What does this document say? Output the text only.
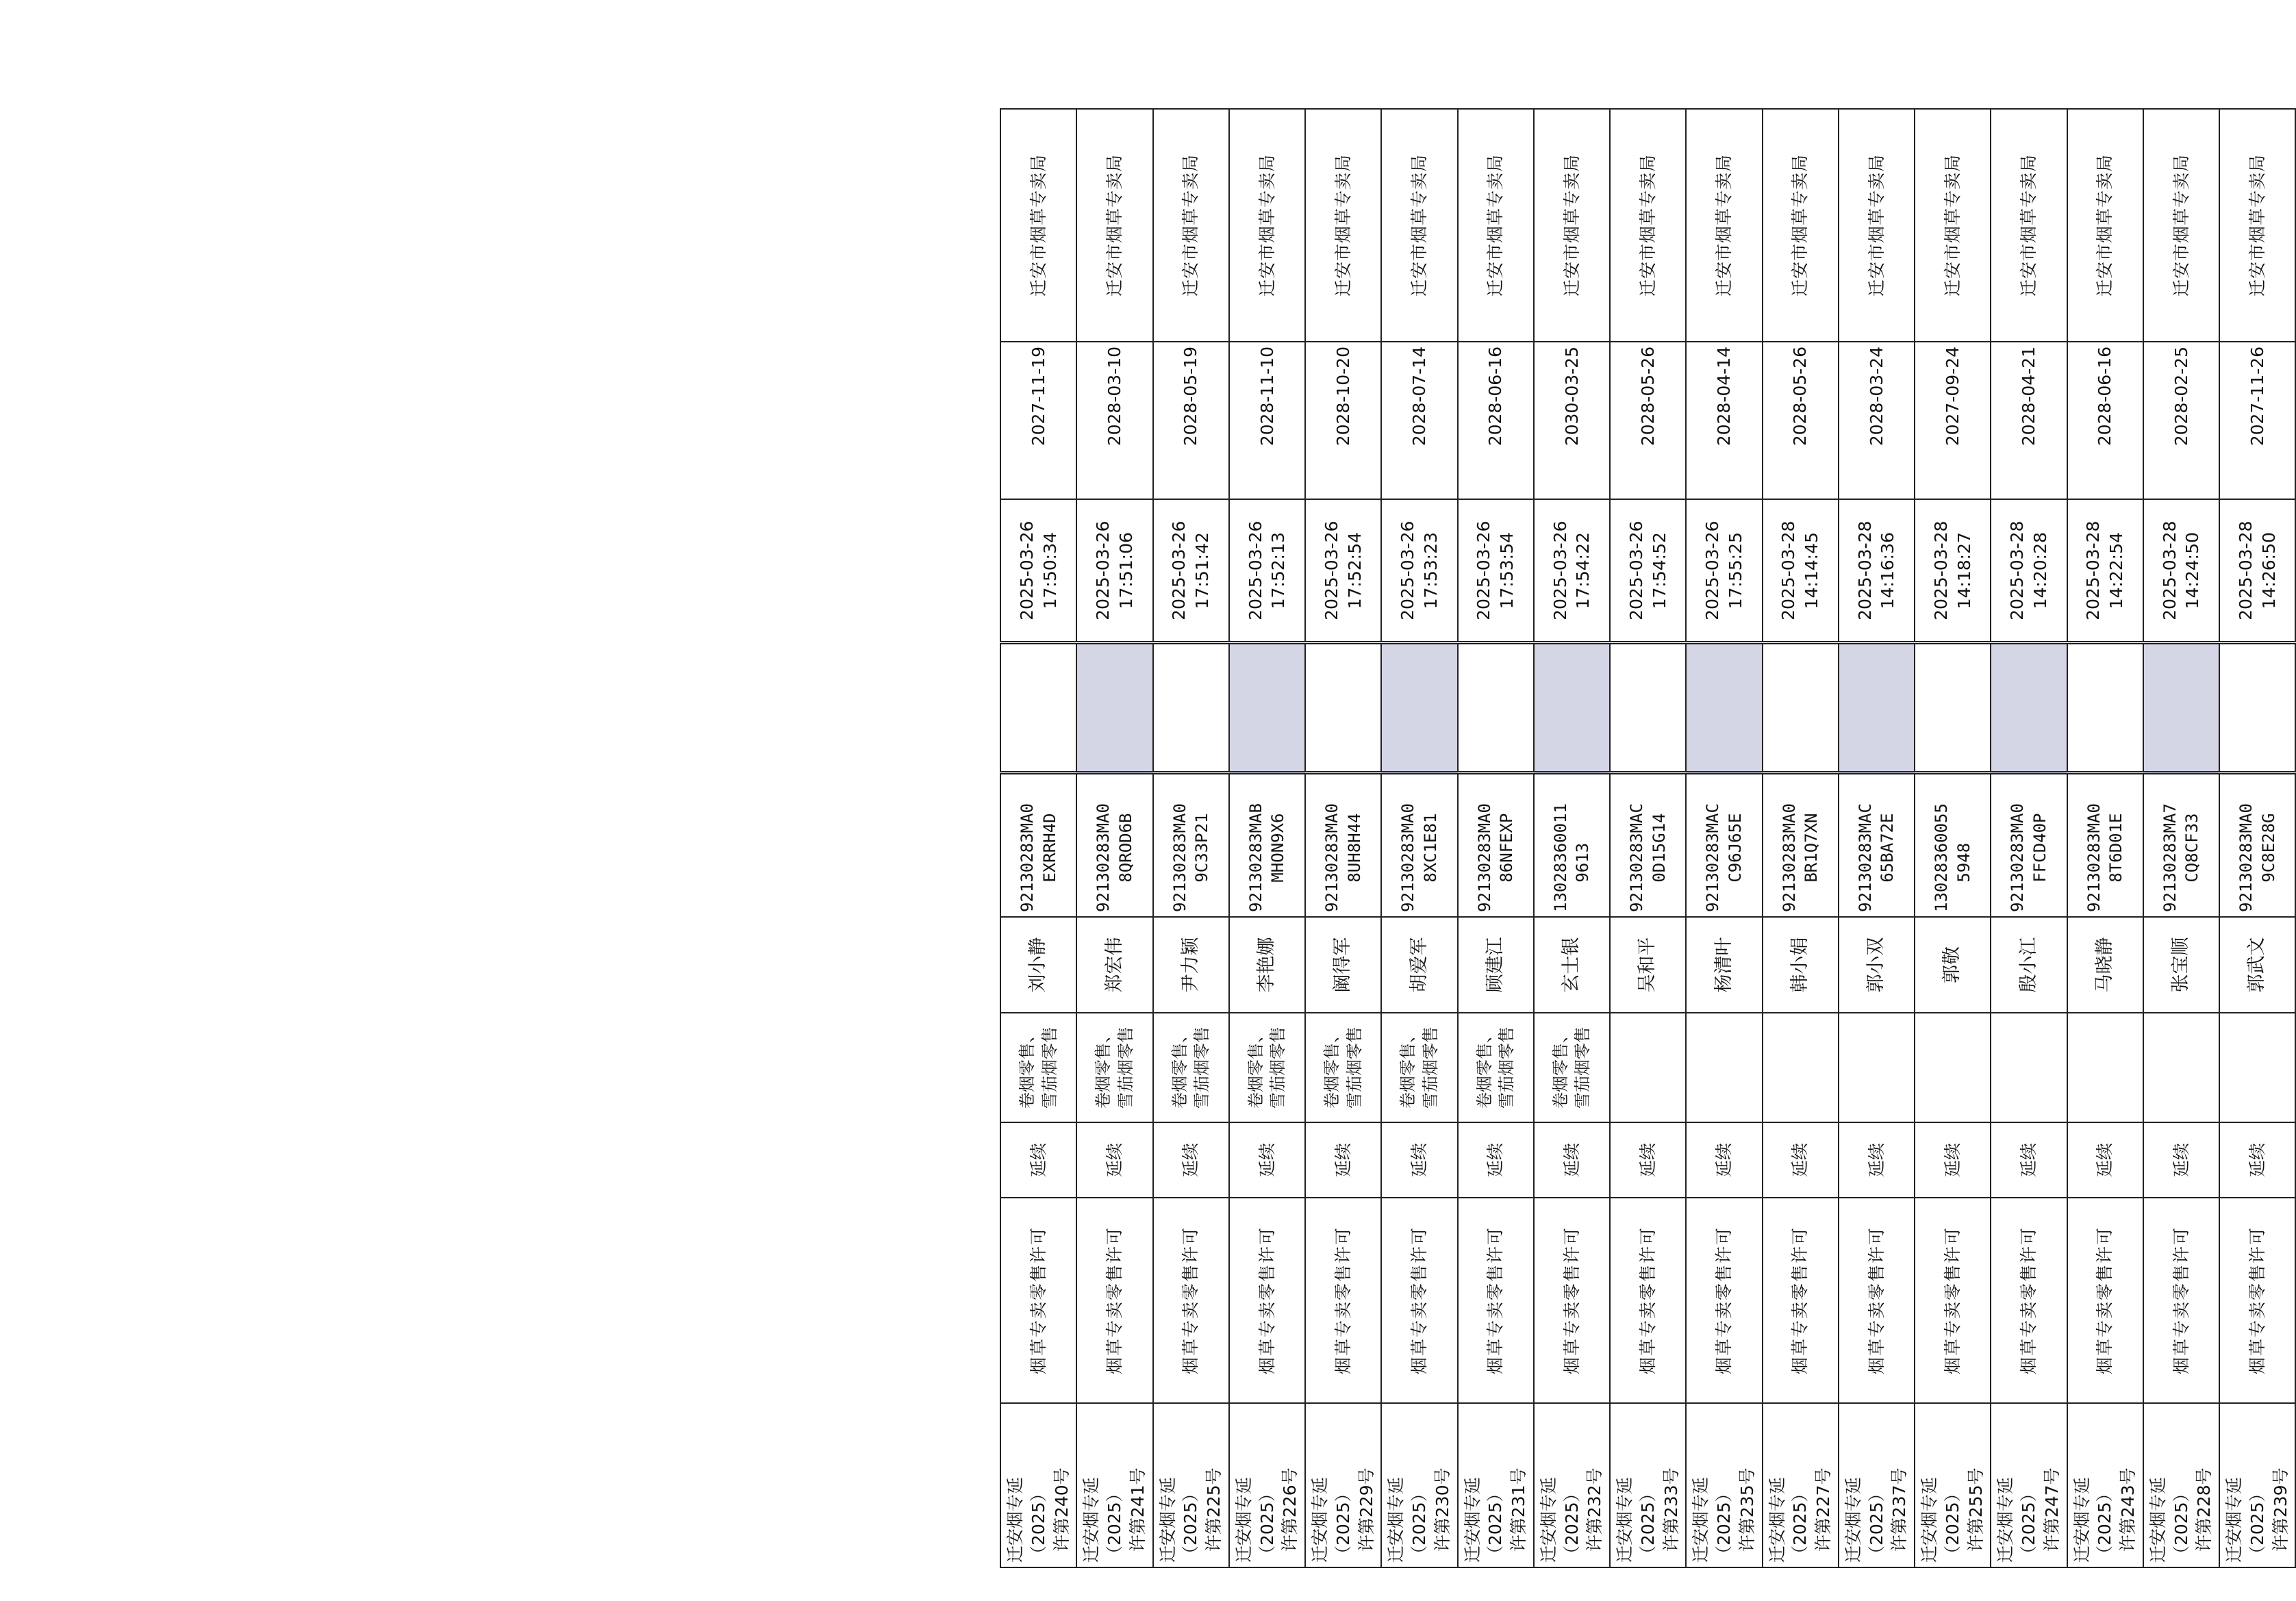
迁安烟专延（2025） 许第240号	烟草专卖零售许可	延续	卷烟零售、 雪茄烟零售	刘小静	92130283MA0 EXRRH4D		2025-03-26 17:50:34	2027-11-19	迁安市烟草专卖局
迁安烟专延（2025） 许第241号	烟草专卖零售许可	延续	卷烟零售、 雪茄烟零售	郑宏伟	92130283MA0 8QROD6B		2025-03-26 17:51:06	2028-03-10	迁安市烟草专卖局
迁安烟专延（2025） 许第225号	烟草专卖零售许可	延续	卷烟零售、 雪茄烟零售	尹力颖	92130283MA0 9C33P21		2025-03-26 17:51:42	2028-05-19	迁安市烟草专卖局
迁安烟专延（2025） 许第226号	烟草专卖零售许可	延续	卷烟零售、 雪茄烟零售	李艳娜	92130283MAB MHON9X6		2025-03-26 17:52:13	2028-11-10	迁安市烟草专卖局
迁安烟专延（2025） 许第229号	烟草专卖零售许可	延续	卷烟零售、 雪茄烟零售	阚得军	92130283MA0 8UH8H44		2025-03-26 17:52:54	2028-10-20	迁安市烟草专卖局
迁安烟专延（2025） 许第230号	烟草专卖零售许可	延续	卷烟零售、 雪茄烟零售	胡爱军	92130283MA0 8XC1E81		2025-03-26 17:53:23	2028-07-14	迁安市烟草专卖局
迁安烟专延（2025） 许第231号	烟草专卖零售许可	延续	卷烟零售、 雪茄烟零售	顾建江	92130283MA0 86NFEXP		2025-03-26 17:53:54	2028-06-16	迁安市烟草专卖局
迁安烟专延（2025） 许第232号	烟草专卖零售许可	延续	卷烟零售、 雪茄烟零售	玄士银	13028360011 9613		2025-03-26 17:54:22	2030-03-25	迁安市烟草专卖局
迁安烟专延（2025） 许第233号	烟草专卖零售许可	延续		吴和平	92130283MAC 0D15G14		2025-03-26 17:54:52	2028-05-26	迁安市烟草专卖局
迁安烟专延（2025） 许第235号	烟草专卖零售许可	延续		杨清叶	92130283MAC C96J65E		2025-03-26 17:55:25	2028-04-14	迁安市烟草专卖局
迁安烟专延（2025） 许第227号	烟草专卖零售许可	延续		韩小娟	92130283MA0 BR1Q7XN		2025-03-28 14:14:45	2028-05-26	迁安市烟草专卖局
迁安烟专延（2025） 许第237号	烟草专卖零售许可	延续		郭小双	92130283MAC 65BA72E		2025-03-28 14:16:36	2028-03-24	迁安市烟草专卖局
迁安烟专延（2025） 许第255号	烟草专卖零售许可	延续		郭敬	13028360055 5948		2025-03-28 14:18:27	2027-09-24	迁安市烟草专卖局
迁安烟专延（2025） 许第247号	烟草专卖零售许可	延续		殷小江	92130283MA0 FFCD40P		2025-03-28 14:20:28	2028-04-21	迁安市烟草专卖局
迁安烟专延（2025） 许第243号	烟草专卖零售许可	延续		马晓静	92130283MA0 8T6D01E		2025-03-28 14:22:54	2028-06-16	迁安市烟草专卖局
迁安烟专延（2025） 许第228号	烟草专卖零售许可	延续		张宝顺	92130283MA7 CQ8CF33		2025-03-28 14:24:50	2028-02-25	迁安市烟草专卖局
迁安烟专延（2025） 许第239号	烟草专卖零售许可	延续		郭武文	92130283MA0 9C8E28G		2025-03-28 14:26:50	2027-11-26	迁安市烟草专卖局
